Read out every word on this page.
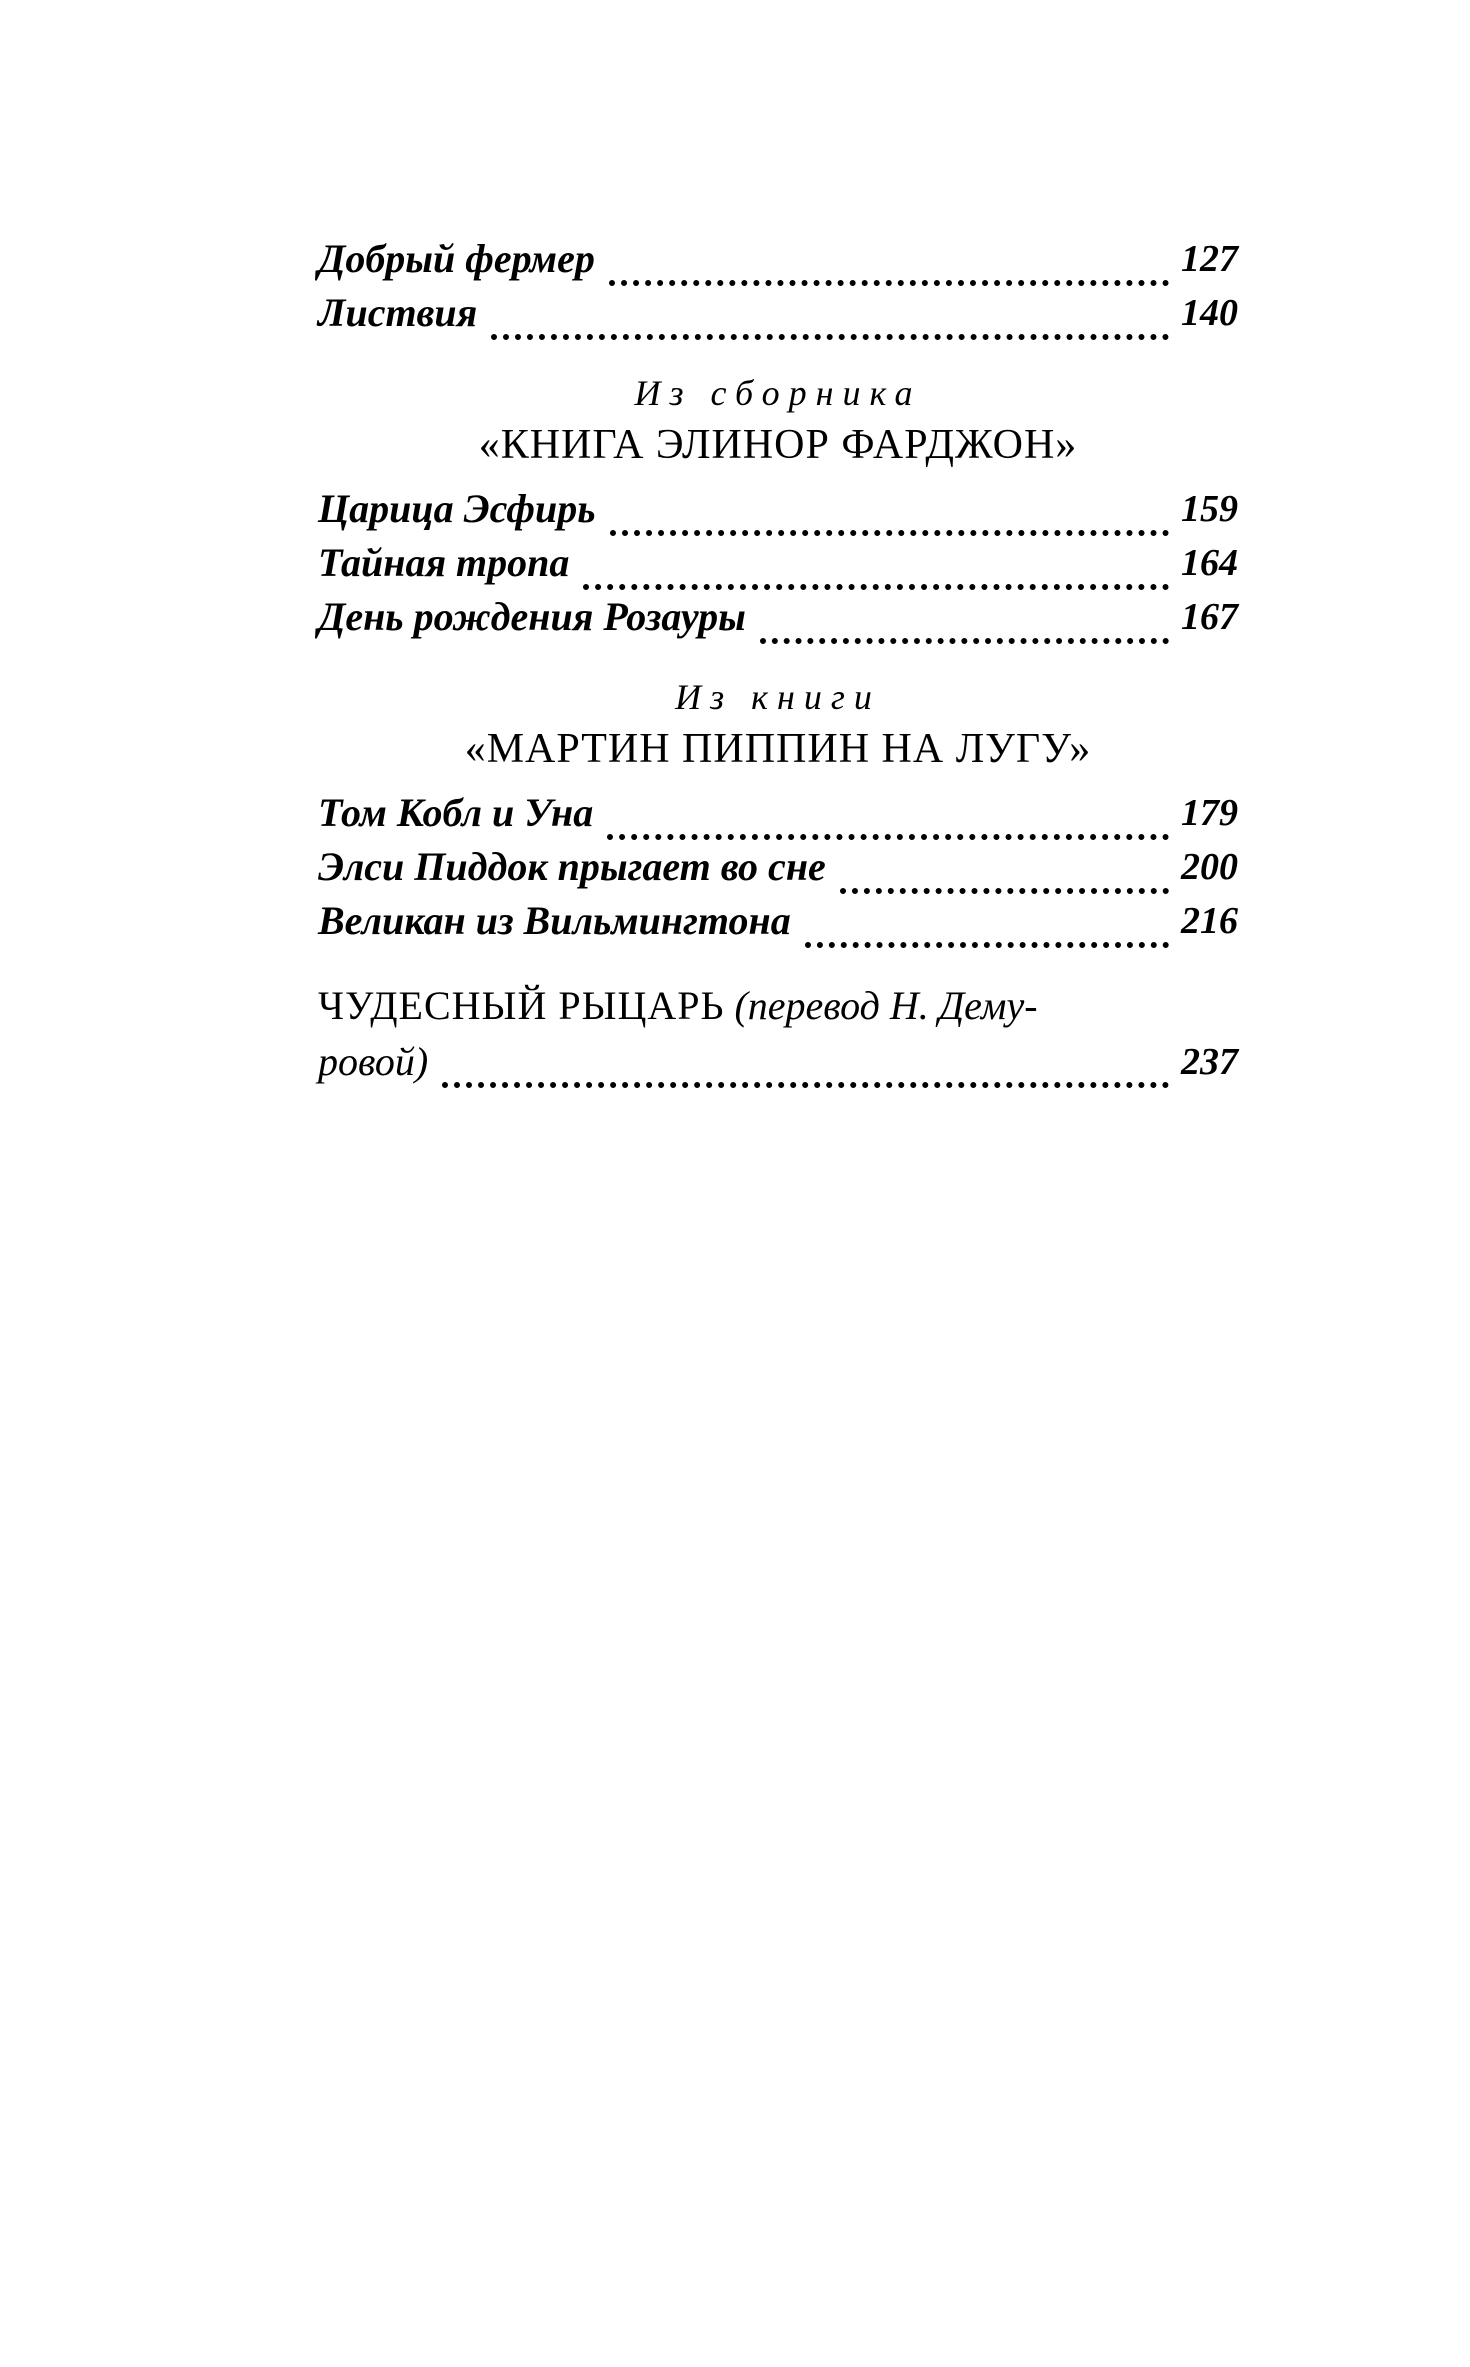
Добрый фермер	127
Листвия	140
Из сборника
«КНИГА ЭЛИНОР ФАРДЖОН»
Царица Эсфирь	159
Тайная тропа	164
День рождения Розауры	167
Из книги
«МАРТИН ПИППИН НА ЛУГУ»
Том Кобл и Уна	179
Элси Пиддок прыгает во сне	200
Великан из Вильмингтона	216
ЧУДЕСНЫЙ РЫЦАРЬ (перевод Н. Дему-
ровой)	237
